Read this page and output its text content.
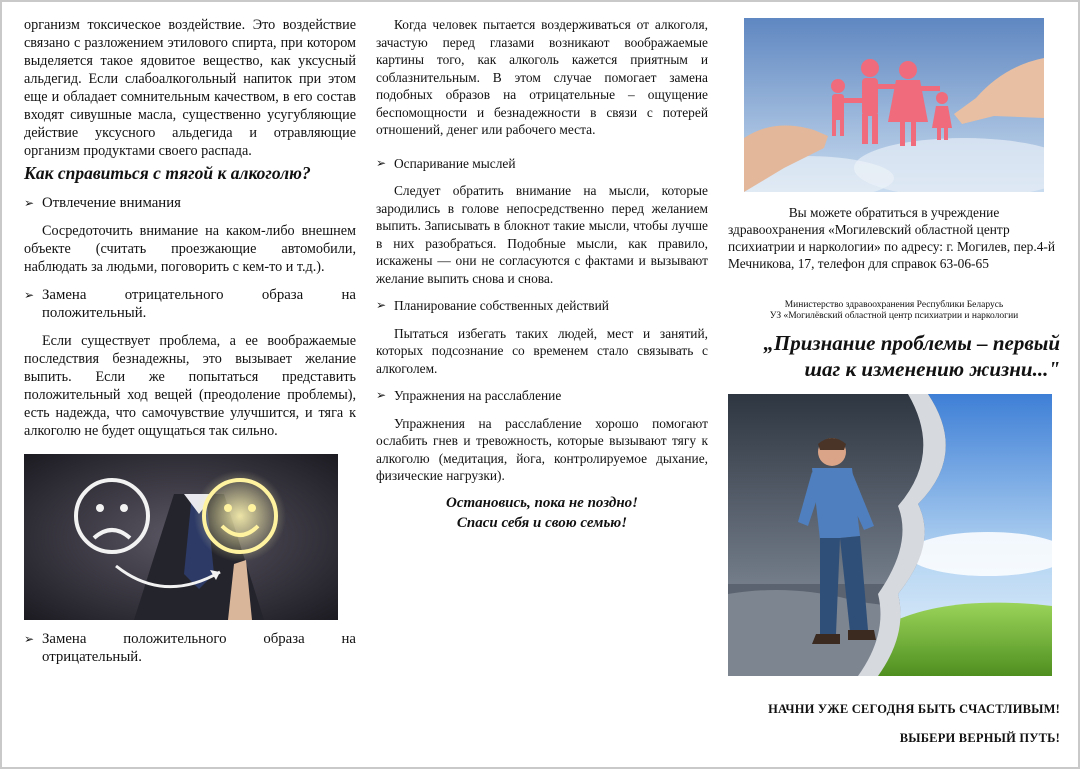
организм токсическое воздействие. Это воздействие связано с разложением этилового спирта, при котором выделяется такое ядовитое вещество, как уксусный альдегид. Если слабоалкогольный напиток при этом еще и обладает сомнительным качеством, в его состав входят сивушные масла, существенно усугубляющие действие уксусного альдегида и отравляющие организм продуктами своего распада.

Как справиться с тягой к алкоголю?
➢ Отвлечение внимания

Сосредоточить внимание на каком-либо внешнем объекте (считать проезжающие автомобили, наблюдать за людьми, поговорить с кем-то и т.д.).

➢ Замена отрицательного образа на положительный.

Если существует проблема, а ее воображаемые последствия безнадежны, это вызывает желание выпить. Если же попытаться представить положительный ход вещей (преодоление проблемы), есть надежда, что самочувствие улучшится, и тяга к алкоголю не будет ощущаться так сильно.

➢ Замена положительного образа на отрицательный.

Когда человек пытается воздерживаться от алкоголя, зачастую перед глазами возникают воображаемые картины того, как алкоголь кажется приятным и соблазнительным. В этом случае помогает замена подобных образов на отрицательные – ощущение беспомощности и безнадежности в связи с потерей отношений, денег или рабочего места.

➢ Оспаривание мыслей

Следует обратить внимание на мысли, которые зародились в голове непосредственно перед желанием выпить. Записывать в блокнот такие мысли, чтобы лучше в них разобраться. Подобные мысли, как правило, искажены — они не согласуются с фактами и вызывают желание выпить снова и снова.

➢ Планирование собственных действий

Пытаться избегать таких людей, мест и занятий, которых подсознание со временем стало связывать с алкоголем.

➢ Упражнения на расслабление

Упражнения на расслабление хорошо помогают ослабить гнев и тревожность, которые вызывают тягу к алкоголю (медитация, йога, контролируемое дыхание, физические нагрузки).

Остановись, пока не поздно!
Спаси себя и свою семью!

Вы можете обратиться в учреждение

здравоохранения «Могилевский областной центр психиатрии и наркологии» по адресу: г. Могилев, пер.4-й Мечникова, 17, телефон для справок 63-06-65

Министерство здравоохранения Республики Беларусь

УЗ «Могилёвский областной центр психиатрии и наркологии

„Признание проблемы – первый
шаг к изменению жизни..."
НАЧНИ УЖЕ СЕГОДНЯ БЫТЬ СЧАСТЛИВЫМ!
ВЫБЕРИ ВЕРНЫЙ ПУТЬ!
